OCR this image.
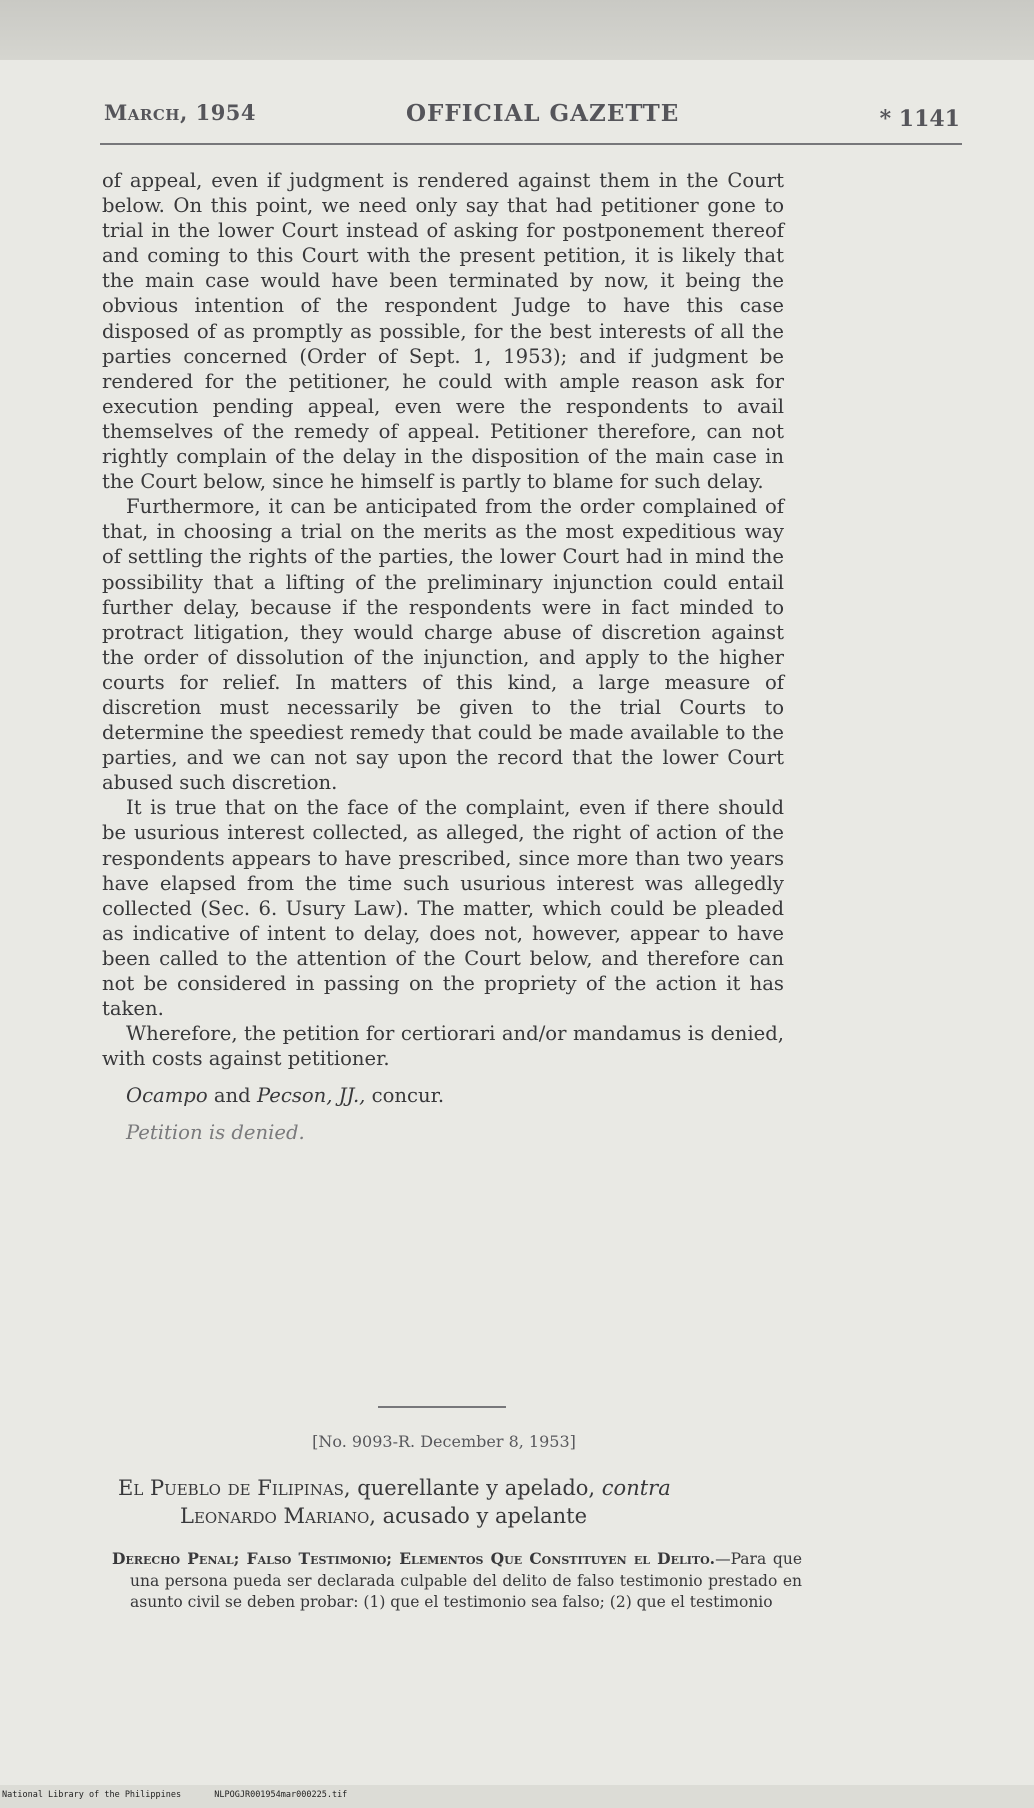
March, 1954	OFFICIAL GAZETTE	* 1141

of appeal, even if judgment is rendered against them in the Court below. On this point, we need only say that had petitioner gone to trial in the lower Court instead of asking for postponement thereof and coming to this Court with the present petition, it is likely that the main case would have been terminated by now, it being the obvious intention of the respondent Judge to have this case disposed of as promptly as possible, for the best interests of all the parties concerned (Order of Sept. 1, 1953); and if judgment be rendered for the petitioner, he could with ample reason ask for execution pending appeal, even were the respondents to avail themselves of the remedy of appeal. Petitioner therefore, can not rightly complain of the delay in the disposition of the main case in the Court below, since he himself is partly to blame for such delay.

Furthermore, it can be anticipated from the order complained of that, in choosing a trial on the merits as the most expeditious way of settling the rights of the parties, the lower Court had in mind the possibility that a lifting of the preliminary injunction could entail further delay, because if the respondents were in fact minded to protract litigation, they would charge abuse of discretion against the order of dissolution of the injunction, and apply to the higher courts for relief. In matters of this kind, a large measure of discretion must necessarily be given to the trial Courts to determine the speediest remedy that could be made available to the parties, and we can not say upon the record that the lower Court abused such discretion.

It is true that on the face of the complaint, even if there should be usurious interest collected, as alleged, the right of action of the respondents appears to have prescribed, since more than two years have elapsed from the time such usurious interest was allegedly collected (Sec. 6. Usury Law). The matter, which could be pleaded as indicative of intent to delay, does not, however, appear to have been called to the attention of the Court below, and therefore can not be considered in passing on the propriety of the action it has taken.

Wherefore, the petition for certiorari and/or mandamus is denied, with costs against petitioner.

Ocampo and Pecson, JJ., concur.
Petition is denied.
[No. 9093-R. December 8, 1953]
El Pueblo de Filipinas, querellante y apelado, contra
Leonardo Mariano, acusado y apelante
Derecho Penal; Falso Testimonio; Elementos Que Constituyen el Delito.—Para que una persona pueda ser declarada culpable del delito de falso testimonio prestado en asunto civil se deben probar: (1) que el testimonio sea falso; (2) que el testimonio
National Library of the Philippines	NLPOGJR001954mar000225.tif
